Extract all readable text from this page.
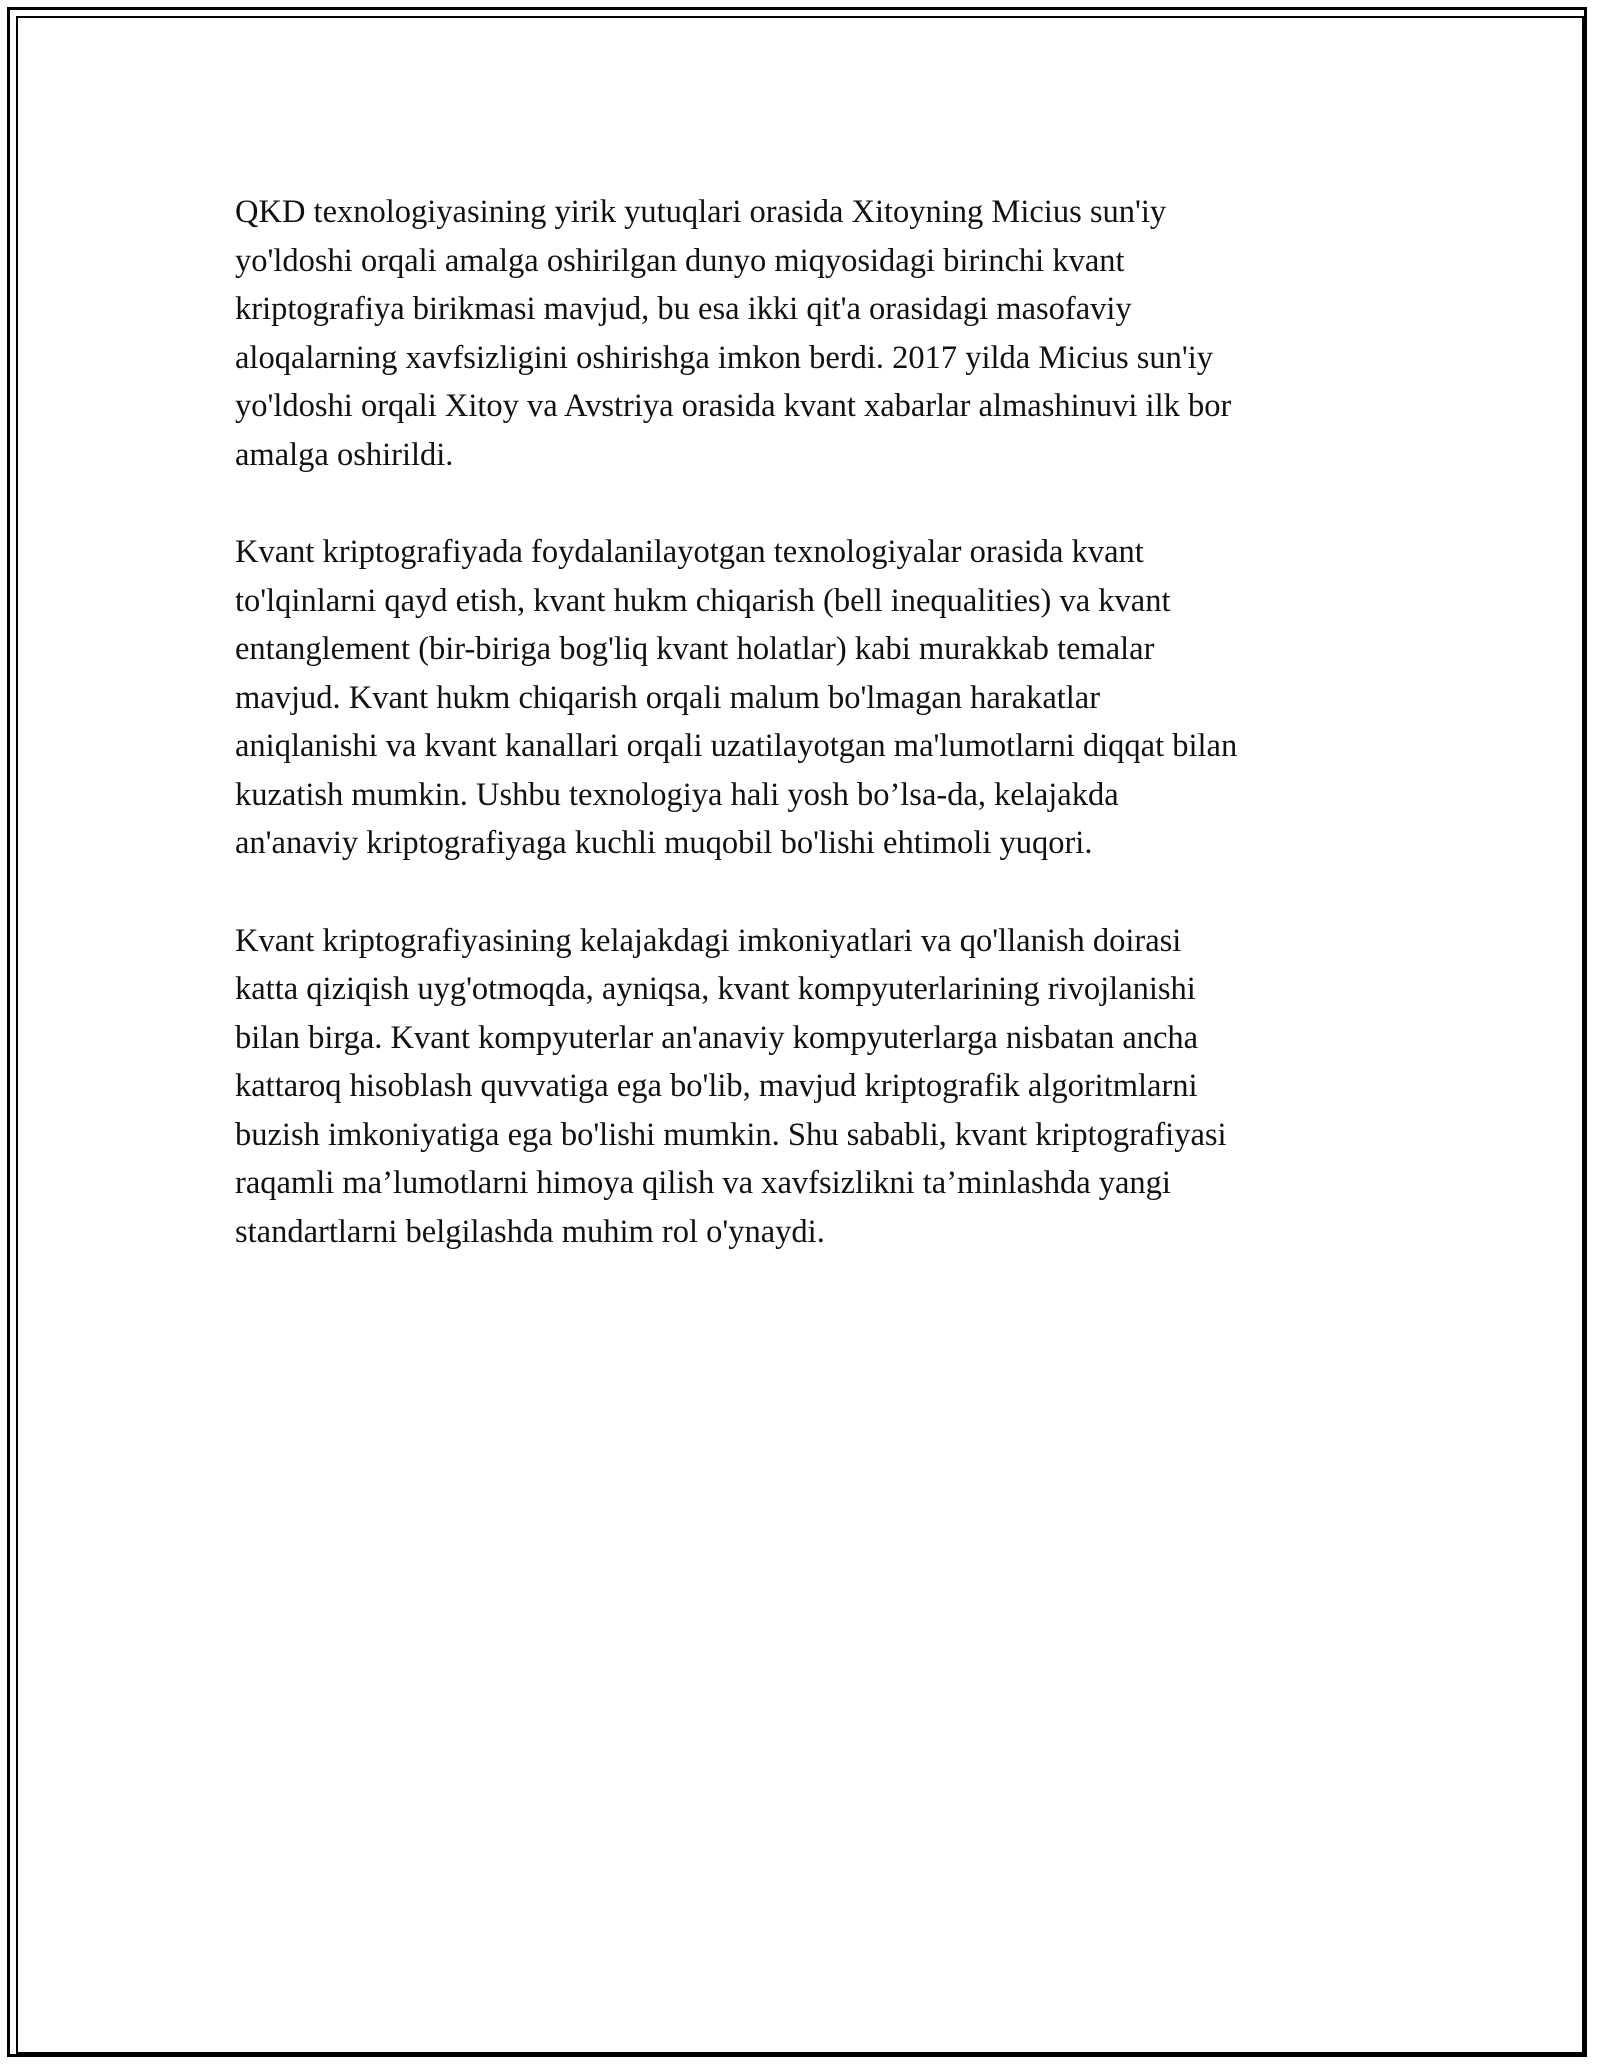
QKD texnologiyasining yirik yutuqlari orasida Xitoyning Micius sun'iy
yo'ldoshi orqali amalga oshirilgan dunyo miqyosidagi birinchi kvant
kriptografiya birikmasi mavjud, bu esa ikki qit'a orasidagi masofaviy
aloqalarning xavfsizligini oshirishga imkon berdi. 2017 yilda Micius sun'iy
yo'ldoshi orqali Xitoy va Avstriya orasida kvant xabarlar almashinuvi ilk bor
amalga oshirildi.

Kvant kriptografiyada foydalanilayotgan texnologiyalar orasida kvant
to'lqinlarni qayd etish, kvant hukm chiqarish (bell inequalities) va kvant
entanglement (bir-biriga bog'liq kvant holatlar) kabi murakkab temalar
mavjud. Kvant hukm chiqarish orqali malum bo'lmagan harakatlar
aniqlanishi va kvant kanallari orqali uzatilayotgan ma'lumotlarni diqqat bilan
kuzatish mumkin. Ushbu texnologiya hali yosh bo’lsa-da, kelajakda
an'anaviy kriptografiyaga kuchli muqobil bo'lishi ehtimoli yuqori.

Kvant kriptografiyasining kelajakdagi imkoniyatlari va qo'llanish doirasi
katta qiziqish uyg'otmoqda, ayniqsa, kvant kompyuterlarining rivojlanishi
bilan birga. Kvant kompyuterlar an'anaviy kompyuterlarga nisbatan ancha
kattaroq hisoblash quvvatiga ega bo'lib, mavjud kriptografik algoritmlarni
buzish imkoniyatiga ega bo'lishi mumkin. Shu sababli, kvant kriptografiyasi
raqamli ma’lumotlarni himoya qilish va xavfsizlikni ta’minlashda yangi
standartlarni belgilashda muhim rol o'ynaydi.
